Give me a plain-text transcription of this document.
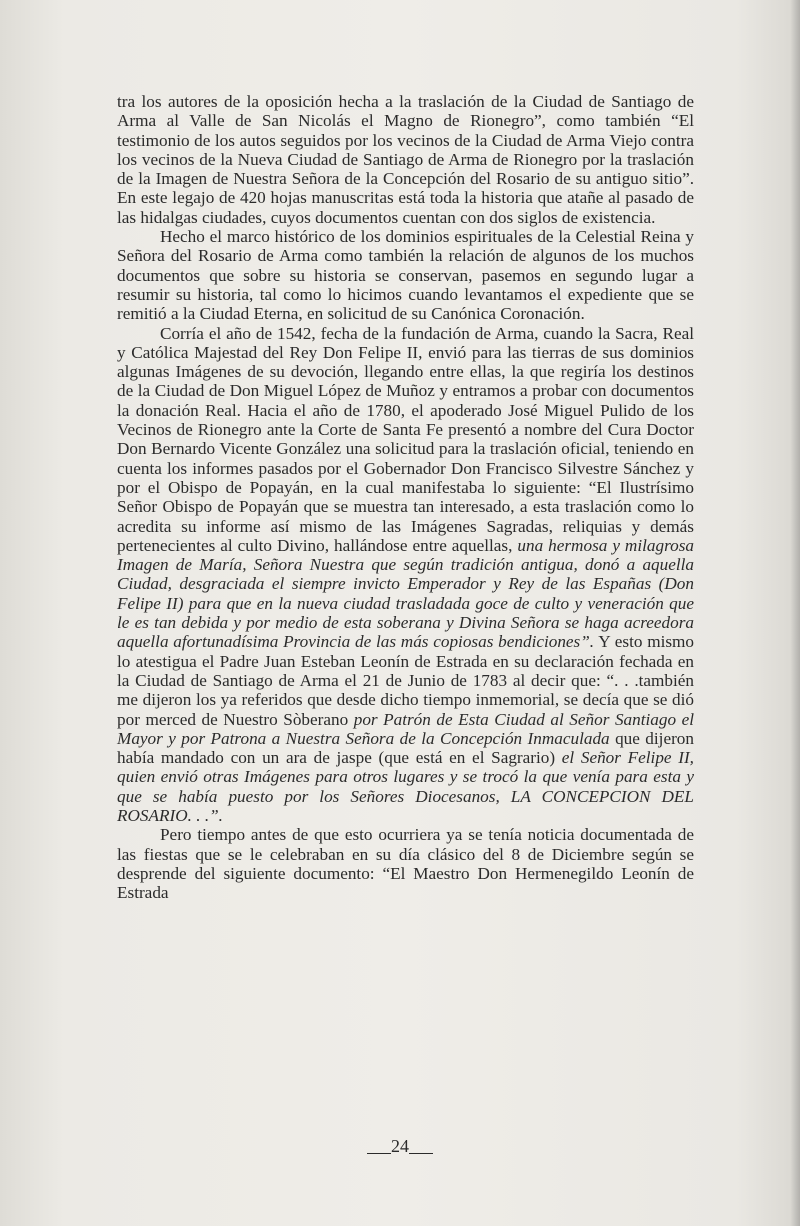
tra los autores de la oposición hecha a la traslación de la Ciudad de Santiago de Arma al Valle de San Nicolás el Magno de Rionegro”, como también “El testimonio de los autos seguidos por los vecinos de la Ciudad de Arma Viejo contra los vecinos de la Nueva Ciudad de Santiago de Arma de Rionegro por la traslación de la Imagen de Nuestra Señora de la Concepción del Rosario de su antiguo sitio”. En este legajo de 420 hojas manuscritas está toda la historia que atañe al pasado de las hidalgas ciudades, cuyos documentos cuentan con dos siglos de existencia.

Hecho el marco histórico de los dominios espirituales de la Celestial Reina y Señora del Rosario de Arma como también la relación de algunos de los muchos documentos que sobre su historia se conservan, pasemos en segundo lugar a resumir su historia, tal como lo hicimos cuando levantamos el expediente que se remitió a la Ciudad Eterna, en solicitud de su Canónica Coronación.

Corría el año de 1542, fecha de la fundación de Arma, cuando la Sacra, Real y Católica Majestad del Rey Don Felipe II, envió para las tierras de sus dominios algunas Imágenes de su devoción, llegando entre ellas, la que regiría los destinos de la Ciudad de Don Miguel López de Muñoz y entramos a probar con documentos la donación Real. Hacia el año de 1780, el apoderado José Miguel Pulido de los Vecinos de Rionegro ante la Corte de Santa Fe presentó a nombre del Cura Doctor Don Bernardo Vicente González una solicitud para la traslación oficial, teniendo en cuenta los informes pasados por el Gobernador Don Francisco Silvestre Sánchez y por el Obispo de Popayán, en la cual manifestaba lo siguiente: “El Ilustrísimo Señor Obispo de Popayán que se muestra tan interesado, a esta traslación como lo acredita su informe así mismo de las Imágenes Sagradas, reliquias y demás pertenecientes al culto Divino, hallándose entre aquellas, una hermosa y milagrosa Imagen de María, Señora Nuestra que según tradición antigua, donó a aquella Ciudad, desgraciada el siempre invicto Emperador y Rey de las Españas (Don Felipe II) para que en la nueva ciudad trasladada goce de culto y veneración que le es tan debida y por medio de esta soberana y Divina Señora se haga acreedora aquella afortunadísima Provincia de las más copiosas bendiciones”. Y esto mismo lo atestigua el Padre Juan Esteban Leonín de Estrada en su declaración fechada en la Ciudad de Santiago de Arma el 21 de Junio de 1783 al decir que: “. . .también me dijeron los ya referidos que desde dicho tiempo inmemorial, se decía que se dió por merced de Nuestro Sòberano por Patrón de Esta Ciudad al Señor Santiago el Mayor y por Patrona a Nuestra Señora de la Concepción Inmaculada que dijeron había mandado con un ara de jaspe (que está en el Sagrario) el Señor Felipe II, quien envió otras Imágenes para otros lugares y se trocó la que venía para esta y que se había puesto por los Señores Diocesanos, LA CONCEPCION DEL ROSARIO. . .”.

Pero tiempo antes de que esto ocurriera ya se tenía noticia documentada de las fiestas que se le celebraban en su día clásico del 8 de Diciembre según se desprende del siguiente documento: “El Maestro Don Hermenegildo Leonín de Estrada

24
